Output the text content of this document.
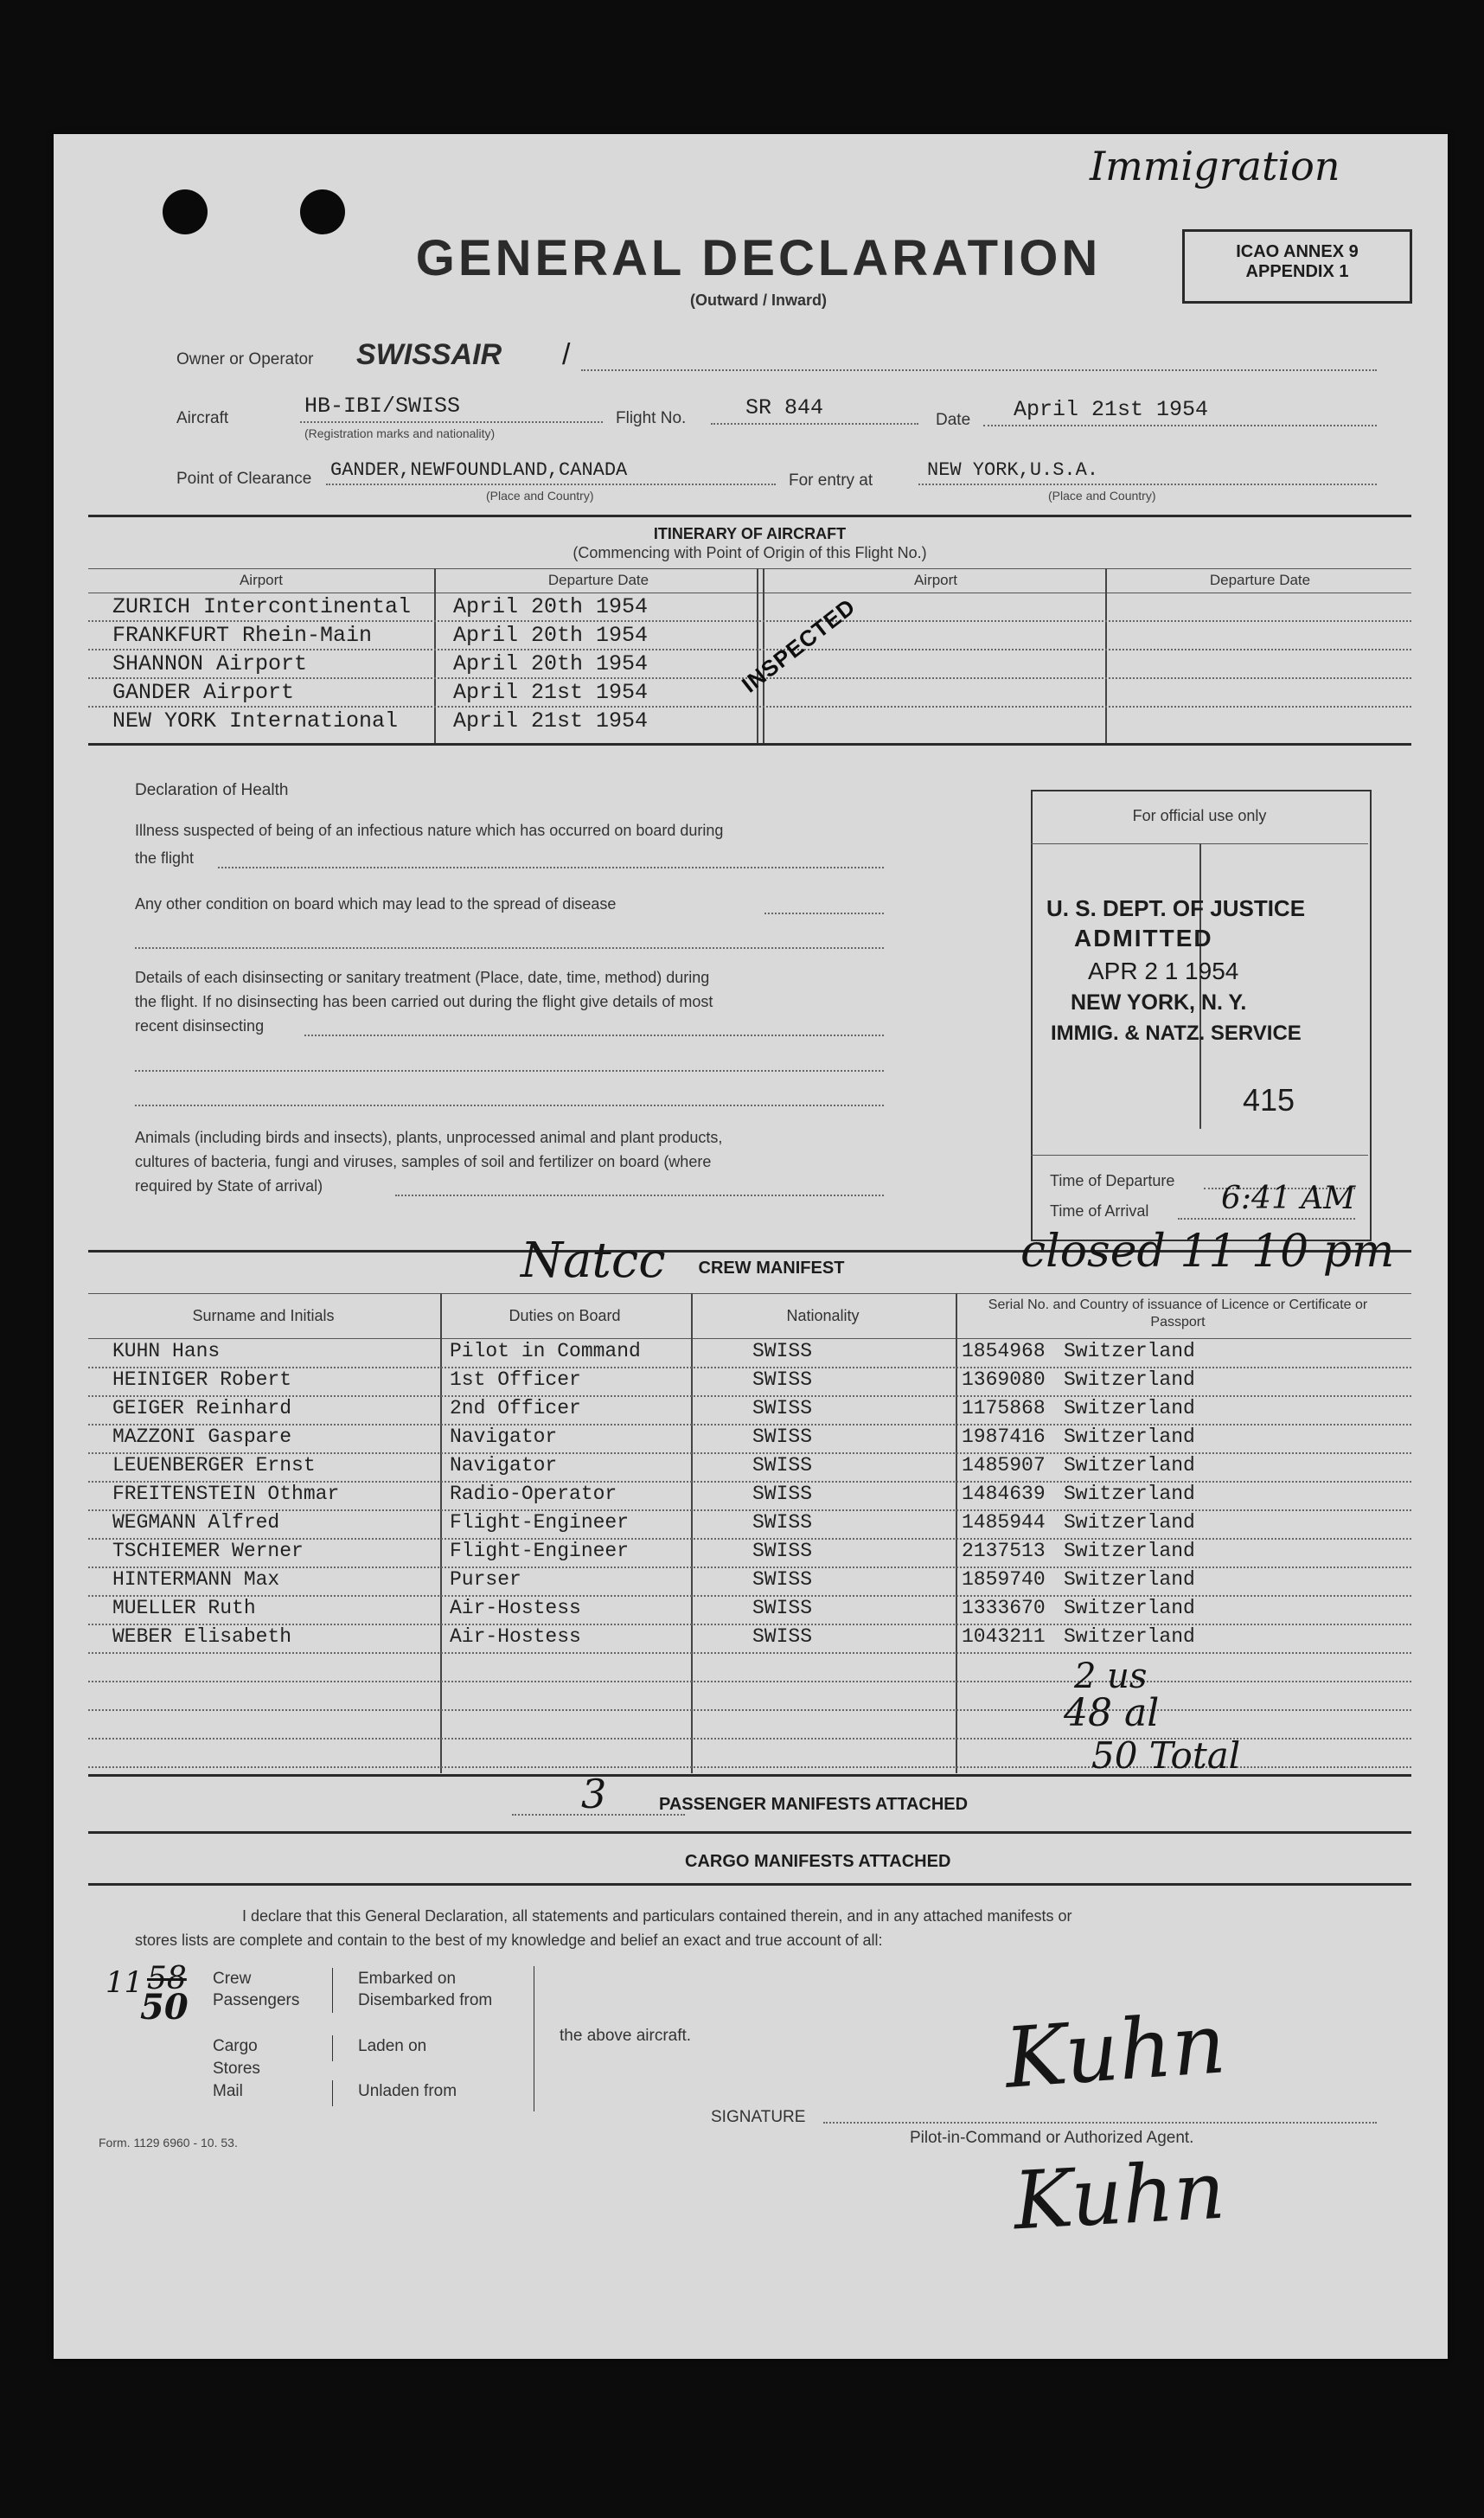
Immigration
GENERAL DECLARATION
(Outward / Inward)
ICAO ANNEX 9
APPENDIX 1
Owner or Operator SWISSAIR /
Aircraft	HB-IBI/SWISS
(Registration marks and nationality)
Flight No.	SR 844	Date April 21st 1954
Point of Clearance GANDER,NEWFOUNDLAND,CANADA
(Place and Country)
For entry at	NEW YORK,U.S.A.
(Place and Country)
ITINERARY OF AIRCRAFT
(Commencing with Point of Origin of this Flight No.)
Airport	Departure Date	Airport	Departure Date
ZURICH Intercontinental April 20th 1954
FRANKFURT Rhein-Main	April 20th 1954
SHANNON Airport	April 20th 1954
GANDER Airport	April 21st 1954
NEW YORK International	April 21st 1954
INSPECTED
Declaration of Health
Illness suspected of being of an infectious nature which has occurred on board during
the flight
Any other condition on board which may lead to the spread of disease
Details of each disinsecting or sanitary treatment (Place, date, time, method) during
the flight. If no disinsecting has been carried out during the flight give details of most
recent disinsecting
Animals (including birds and insects), plants, unprocessed animal and plant products,
cultures of bacteria, fungi and viruses, samples of soil and fertilizer on board (where
required by State of arrival)
For official use only
U. S. DEPT. OF JUSTICE
ADMITTED
APR 2 1 1954
NEW YORK, N. Y.
IMMIG. & NATZ. SERVICE
415
Time of Departure
Time of Arrival 6:41 AM
Natcc	CREW MANIFEST	closed 11 10 pm
Surname and Initials	Duties on Board	Nationality
Serial No. and Country of issuance of Licence or Certificate or Passport
KUHN Hans	Pilot in Command	SWISS	1854968 Switzerland
HEINIGER Robert	1st Officer	SWISS	1369080 Switzerland
GEIGER Reinhard	2nd Officer	SWISS	1175868 Switzerland
MAZZONI Gaspare	Navigator	SWISS	1987416 Switzerland
LEUENBERGER Ernst	Navigator	SWISS	1485907 Switzerland
FREITENSTEIN Othmar	Radio-Operator	SWISS	1484639 Switzerland
WEGMANN Alfred	Flight-Engineer	SWISS	1485944 Switzerland
TSCHIEMER Werner	Flight-Engineer	SWISS	2137513 Switzerland
HINTERMANN Max	Purser	SWISS	1859740 Switzerland
MUELLER Ruth	Air-Hostess	SWISS	1333670 Switzerland
WEBER Elisabeth	Air-Hostess	SWISS	1043211 Switzerland
2 us
48 al
50 Total
3	PASSENGER MANIFESTS ATTACHED
CARGO MANIFESTS ATTACHED
I declare that this General Declaration, all statements and particulars contained therein, and in any attached manifests or
stores lists are complete and contain to the best of my knowledge and belief an exact and true account of all:
11 58
50
Crew
Passengers
Cargo
Stores
Mail
Embarked on
Disembarked from
Laden on
Unladen from
the above aircraft.	Kuhn
SIGNATURE
Pilot-in-Command or Authorized Agent.
Form. 1129 6960 - 10. 53.
Kuhn
